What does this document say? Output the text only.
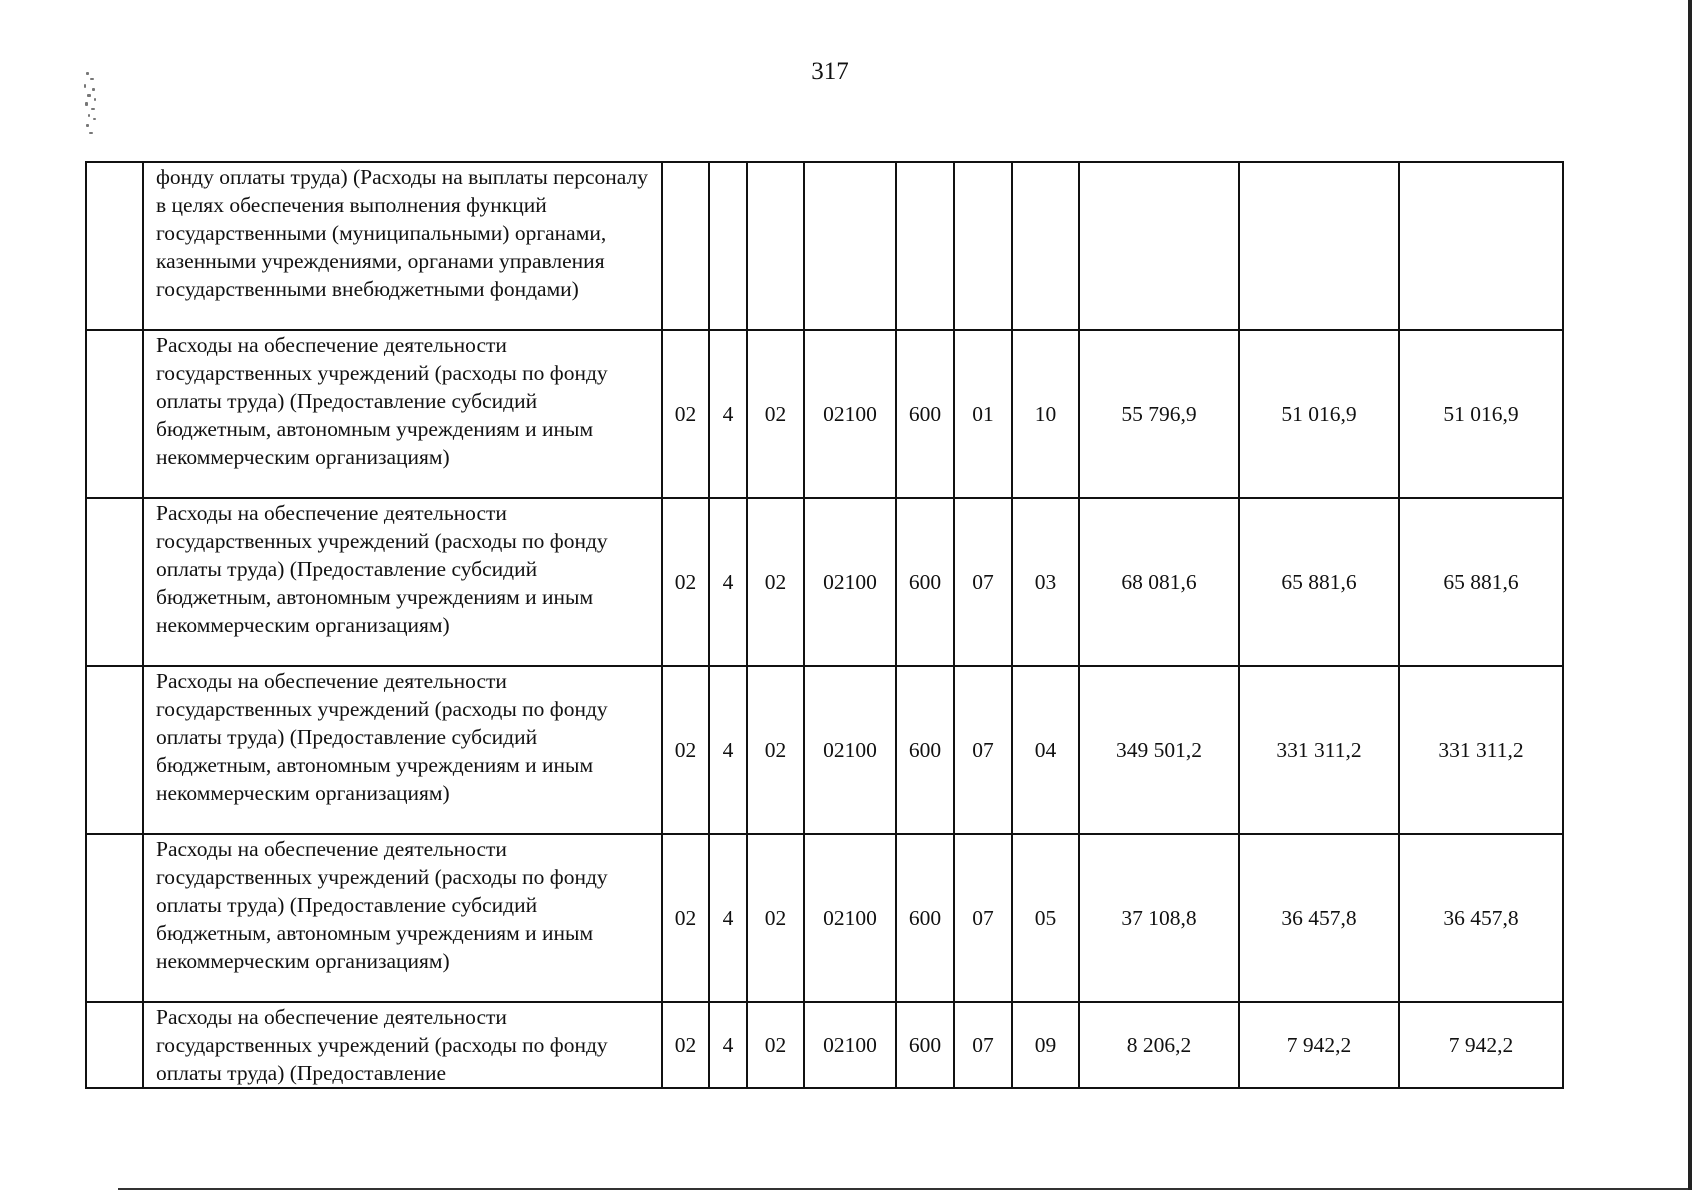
317
	фонду оплаты труда) (Расходы на выплаты персоналу в целях обеспечения выполнения функций государственными (муниципальными) органами, казенными учреждениями, органами управления государственными внебюджетными фондами)										
	Расходы на обеспечение деятельности государственных учреждений (расходы по фонду оплаты труда) (Предоставление субсидий бюджетным, автономным учреждениям и иным некоммерческим организациям)	02	4	02	02100	600	01	10	55 796,9	51 016,9	51 016,9
	Расходы на обеспечение деятельности государственных учреждений (расходы по фонду оплаты труда) (Предоставление субсидий бюджетным, автономным учреждениям и иным некоммерческим организациям)	02	4	02	02100	600	07	03	68 081,6	65 881,6	65 881,6
	Расходы на обеспечение деятельности государственных учреждений (расходы по фонду оплаты труда) (Предоставление субсидий бюджетным, автономным учреждениям и иным некоммерческим организациям)	02	4	02	02100	600	07	04	349 501,2	331 311,2	331 311,2
	Расходы на обеспечение деятельности государственных учреждений (расходы по фонду оплаты труда) (Предоставление субсидий бюджетным, автономным учреждениям и иным некоммерческим организациям)	02	4	02	02100	600	07	05	37 108,8	36 457,8	36 457,8
	Расходы на обеспечение деятельности государственных учреждений (расходы по фонду оплаты труда) (Предоставление	02	4	02	02100	600	07	09	8 206,2	7 942,2	7 942,2
